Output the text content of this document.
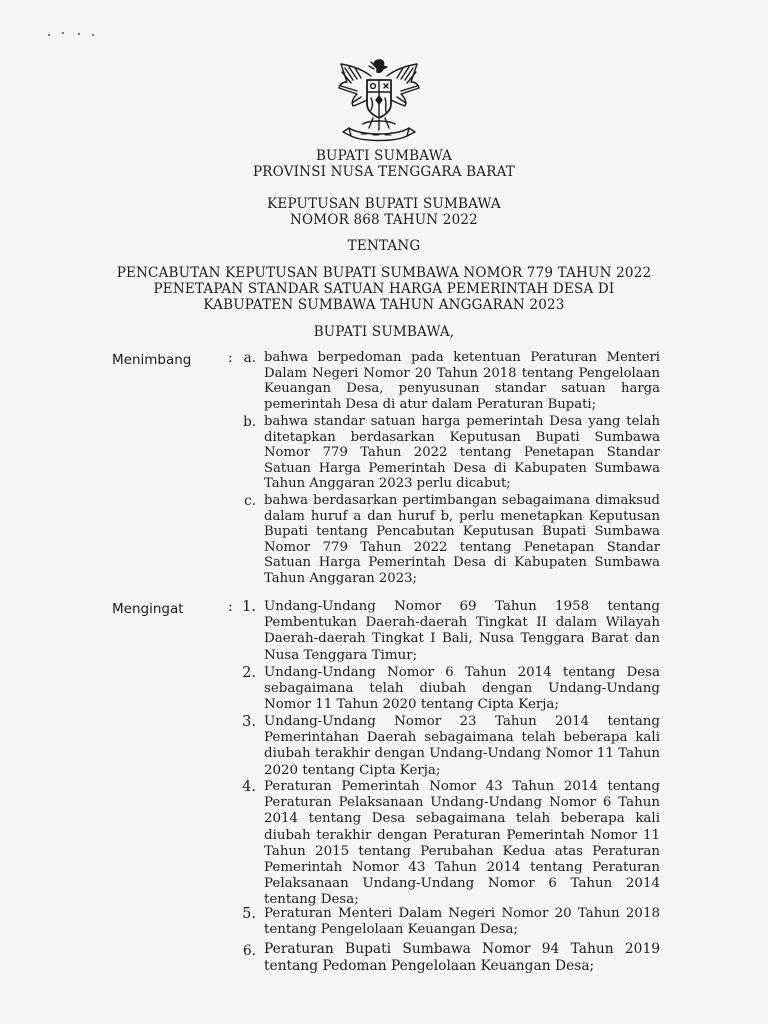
BUPATI SUMBAWA

PROVINSI NUSA TENGGARA BARAT

KEPUTUSAN BUPATI SUMBAWA

NOMOR 868 TAHUN 2022

TENTANG

PENCABUTAN KEPUTUSAN BUPATI SUMBAWA NOMOR 779 TAHUN 2022

PENETAPAN STANDAR SATUAN HARGA PEMERINTAH DESA DI

KABUPATEN SUMBAWA TAHUN ANGGARAN 2023

BUPATI SUMBAWA,

Menimbang	: a. bahwa berpedoman pada ketentuan Peraturan Menteri Dalam Negeri Nomor 20 Tahun 2018 tentang Pengelolaan Keuangan Desa, penyusunan standar satuan harga pemerintah Desa di atur dalam Peraturan Bupati;
b. bahwa standar satuan harga pemerintah Desa yang telah ditetapkan berdasarkan Keputusan Bupati Sumbawa Nomor 779 Tahun 2022 tentang Penetapan Standar Satuan Harga Pemerintah Desa di Kabupaten Sumbawa Tahun Anggaran 2023 perlu dicabut;
c. bahwa berdasarkan pertimbangan sebagaimana dimaksud dalam huruf a dan huruf b, perlu menetapkan Keputusan Bupati tentang Pencabutan Keputusan Bupati Sumbawa Nomor 779 Tahun 2022 tentang Penetapan Standar Satuan Harga Pemerintah Desa di Kabupaten Sumbawa Tahun Anggaran 2023;
Mengingat	: 1. Undang-Undang Nomor 69 Tahun 1958 tentang Pembentukan Daerah-daerah Tingkat II dalam Wilayah Daerah-daerah Tingkat I Bali, Nusa Tenggara Barat dan Nusa Tenggara Timur;
2. Undang-Undang Nomor 6 Tahun 2014 tentang Desa sebagaimana telah diubah dengan Undang-Undang Nomor 11 Tahun 2020 tentang Cipta Kerja;
3. Undang-Undang Nomor 23 Tahun 2014 tentang Pemerintahan Daerah sebagaimana telah beberapa kali diubah terakhir dengan Undang-Undang Nomor 11 Tahun 2020 tentang Cipta Kerja;
4. Peraturan Pemerintah Nomor 43 Tahun 2014 tentang Peraturan Pelaksanaan Undang-Undang Nomor 6 Tahun 2014 tentang Desa sebagaimana telah beberapa kali diubah terakhir dengan Peraturan Pemerintah Nomor 11 Tahun 2015 tentang Perubahan Kedua atas Peraturan Pemerintah Nomor 43 Tahun 2014 tentang Peraturan Pelaksanaan Undang-Undang Nomor 6 Tahun 2014 tentang Desa;
5. Peraturan Menteri Dalam Negeri Nomor 20 Tahun 2018 tentang Pengelolaan Keuangan Desa;
6. Peraturan Bupati Sumbawa Nomor 94 Tahun 2019 tentang Pedoman Pengelolaan Keuangan Desa;
